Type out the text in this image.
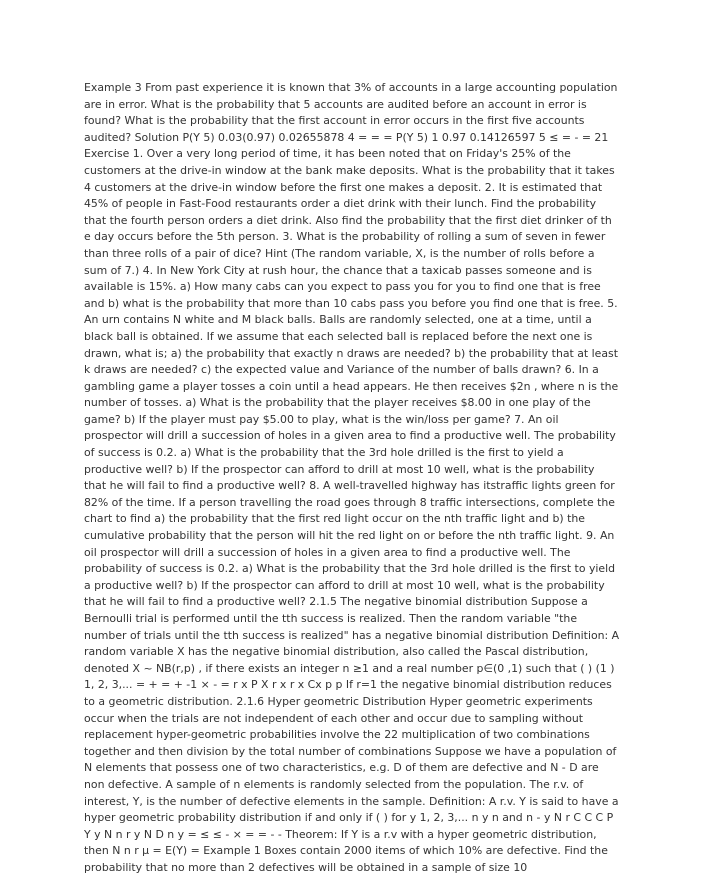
Example 3 From past experience it is known that 3% of accounts in a large accounting population are in error. What is the probability that 5 accounts are audited before an account in error is found? What is the probability that the first account in error occurs in the first five accounts audited? Solution P(Y 5) 0.03(0.97) 0.02655878 4 = = = P(Y 5) 1 0.97 0.14126597 5 ≤ = - = 21 Exercise 1. Over a very long period of time, it has been noted that on Friday's 25% of the customers at the drive-in window at the bank make deposits. What is the probability that it takes 4 customers at the drive-in window before the first one makes a deposit. 2. It is estimated that 45% of people in Fast-Food restaurants order a diet drink with their lunch. Find the probability that the fourth person orders a diet drink. Also find the probability that the first diet drinker of th e day occurs before the 5th person. 3. What is the probability of rolling a sum of seven in fewer than three rolls of a pair of dice? Hint (The random variable, X, is the number of rolls before a sum of 7.) 4. In New York City at rush hour, the chance that a taxicab passes someone and is available is 15%. a) How many cabs can you expect to pass you for you to find one that is free and b) what is the probability that more than 10 cabs pass you before you find one that is free. 5. An urn contains N white and M black balls. Balls are randomly selected, one at a time, until a black ball is obtained. If we assume that each selected ball is replaced before the next one is drawn, what is; a) the probability that exactly n draws are needed? b) the probability that at least k draws are needed? c) the expected value and Variance of the number of balls drawn? 6. In a gambling game a player tosses a coin until a head appears. He then receives $2n , where n is the number of tosses. a) What is the probability that the player receives $8.00 in one play of the game? b) If the player must pay $5.00 to play, what is the win/loss per game? 7. An oil prospector will drill a succession of holes in a given area to find a productive well. The probability of success is 0.2. a) What is the probability that the 3rd hole drilled is the first to yield a productive well? b) If the prospector can afford to drill at most 10 well, what is the probability that he will fail to find a productive well? 8. A well-travelled highway has itstraffic lights green for 82% of the time. If a person travelling the road goes through 8 traffic intersections, complete the chart to find a) the probability that the first red light occur on the nth traffic light and b) the cumulative probability that the person will hit the red light on or before the nth traffic light. 9. An oil prospector will drill a succession of holes in a given area to find a productive well. The probability of success is 0.2. a) What is the probability that the 3rd hole drilled is the first to yield a productive well? b) If the prospector can afford to drill at most 10 well, what is the probability that he will fail to find a productive well? 2.1.5 The negative binomial distribution Suppose a Bernoulli trial is performed until the tth success is realized. Then the random variable "the number of trials until the tth success is realized" has a negative binomial distribution Definition: A random variable X has the negative binomial distribution, also called the Pascal distribution, denoted X ~ NB(r,p) , if there exists an integer n ≥1 and a real number p∈(0 ,1) such that ( ) (1 ) 1, 2, 3,... = + = + -1 × - = r x P X r x r x Cx p p If r=1 the negative binomial distribution reduces to a geometric distribution. 2.1.6 Hyper geometric Distribution Hyper geometric experiments occur when the trials are not independent of each other and occur due to sampling without replacement hyper-geometric probabilities involve the 22 multiplication of two combinations together and then division by the total number of combinations Suppose we have a population of N elements that possess one of two characteristics, e.g. D of them are defective and N - D are non defective. A sample of n elements is randomly selected from the population. The r.v. of interest, Y, is the number of defective elements in the sample. Definition: A r.v. Y is said to have a hyper geometric probability distribution if and only if ( ) for y 1, 2, 3,... n y n and n - y N r C C C P Y y N n r y N D n y = ≤ ≤ - × = = - - Theorem: If Y is a r.v with a hyper geometric distribution, then N n r μ = E(Y) = Example 1 Boxes contain 2000 items of which 10% are defective. Find the probability that no more than 2 defectives will be obtained in a sample of size 10
